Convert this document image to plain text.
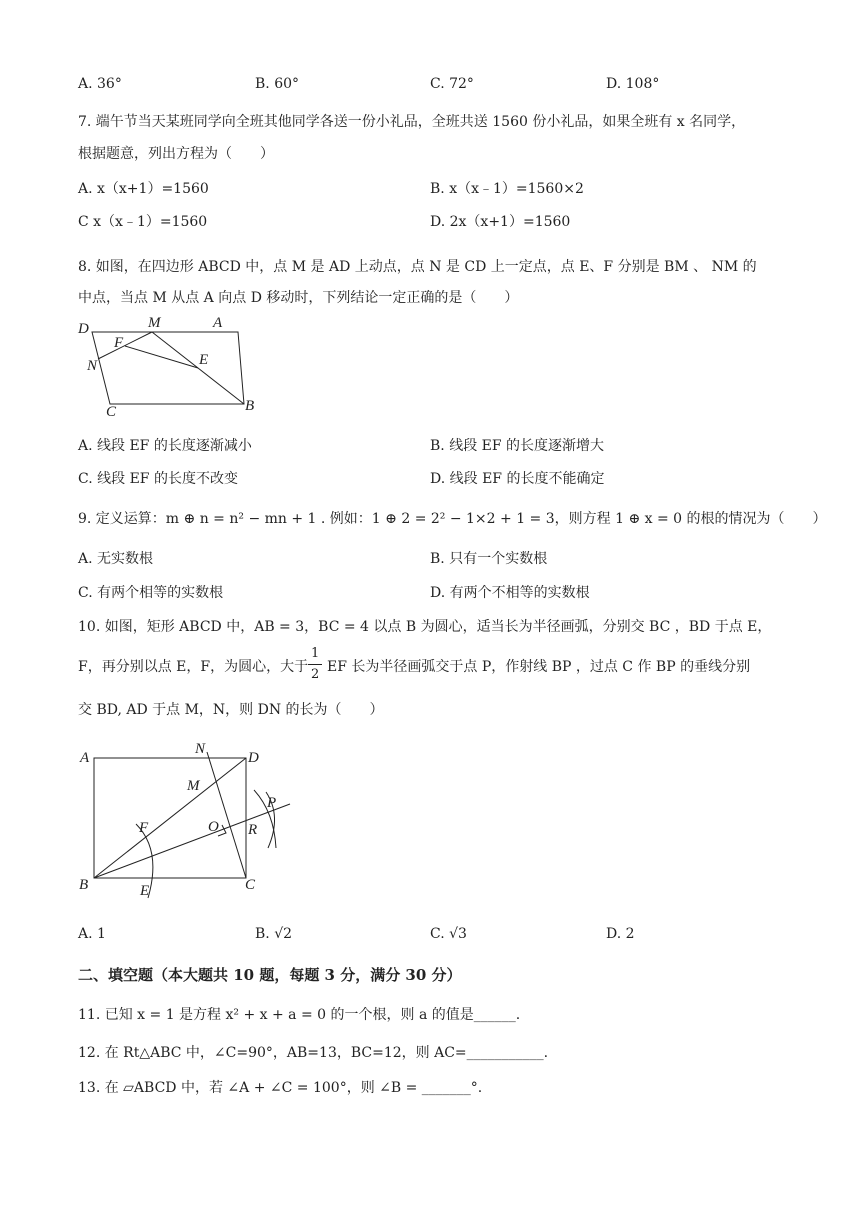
A. 36°	B. 60°	C. 72°	D. 108°
7. 端午节当天某班同学向全班其他同学各送一份小礼品，全班共送 1560 份小礼品，如果全班有 x 名同学，
根据题意，列出方程为（　　）
A. x（x+1）=1560	B. x（x﹣1）=1560×2
C x（x﹣1）=1560	D. 2x（x+1）=1560
8. 如图，在四边形 ABCD 中，点 M 是 AD 上动点，点 N 是 CD 上一定点，点 E、F 分别是 BM 、 NM 的
中点，当点 M 从点 A 向点 D 移动时，下列结论一定正确的是（　　）
D	M	A
F
E
N
C	B
A. 线段 EF 的长度逐渐减小	B. 线段 EF 的长度逐渐增大
C. 线段 EF 的长度不改变	D. 线段 EF 的长度不能确定
9. 定义运算：m ⊕ n = n² − mn + 1 . 例如：1 ⊕ 2 = 2² − 1×2 + 1 = 3，则方程 1 ⊕ x = 0 的根的情况为（　　）
A. 无实数根	B. 只有一个实数根
C. 有两个相等的实数根	D. 有两个不相等的实数根
10. 如图，矩形 ABCD 中，AB = 3，BC = 4 以点 B 为圆心，适当长为半径画弧，分别交 BC ，BD 于点 E，
F，再分别以点 E，F，为圆心，大于
1
2 EF 长为半径画弧交于点 P，作射线 BP ，过点 C 作 BP 的垂线分别
交 BD, AD 于点 M，N，则 DN 的长为（　　）
A
N
D
M
P
F	O R
B	E	C
A. 1	B. √2	C. √3	D. 2
二、填空题（本大题共 10 题，每题 3 分，满分 30 分）
11. 已知 x = 1 是方程 x² + x + a = 0 的一个根，则 a 的值是______.
12. 在 Rt△ABC 中，∠C=90°，AB=13，BC=12，则 AC=___________.
13. 在 ▱ABCD 中，若 ∠A + ∠C = 100°，则 ∠B = _______°.
